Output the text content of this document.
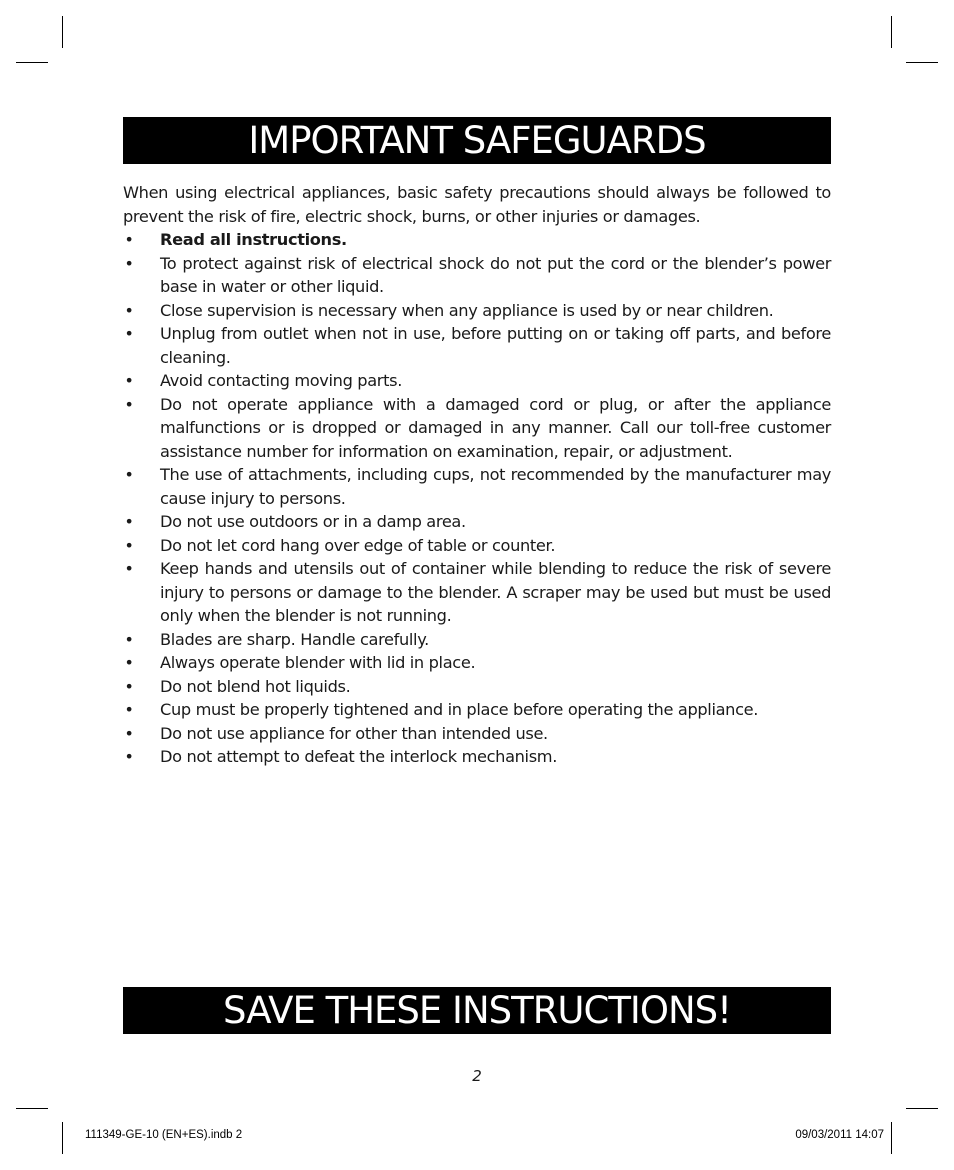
IMPORTANT SAFEGUARDS

When using electrical appliances, basic safety precautions should always be followed to prevent the risk of fire, electric shock, burns, or other injuries or damages.

• Read all instructions.
• To protect against risk of electrical shock do not put the cord or the blender’s power base in water or other liquid.
• Close supervision is necessary when any appliance is used by or near children.
• Unplug from outlet when not in use, before putting on or taking off parts, and before cleaning.
• Avoid contacting moving parts.
• Do not operate appliance with a damaged cord or plug, or after the appliance malfunctions or is dropped or damaged in any manner. Call our toll-free customer assistance number for information on examination, repair, or adjustment.
• The use of attachments, including cups, not recommended by the manufacturer may cause injury to persons.
• Do not use outdoors or in a damp area.
• Do not let cord hang over edge of table or counter.
• Keep hands and utensils out of container while blending to reduce the risk of severe injury to persons or damage to the blender. A scraper may be used but must be used only when the blender is not running.
• Blades are sharp. Handle carefully.
• Always operate blender with lid in place.
• Do not blend hot liquids.
• Cup must be properly tightened and in place before operating the appliance.
• Do not use appliance for other than intended use.
• Do not attempt to defeat the interlock mechanism.
SAVE THESE INSTRUCTIONS!
2
111349-GE-10 (EN+ES).indb 2	09/03/2011 14:07
